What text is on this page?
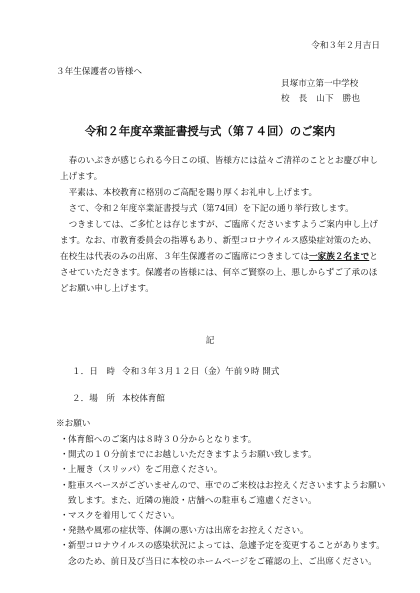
令和３年２月吉日
３年生保護者の皆様へ
貝塚市立第一中学校
校　長　山下　勝也
令和２年度卒業証書授与式（第７４回）のご案内

　春のいぶきが感じられる今日この頃、皆様方には益々ご清祥のこととお慶び申し上げます。

　平素は、本校教育に格別のご高配を賜り厚くお礼申し上げます。

　さて、令和２年度卒業証書授与式（第74回）を下記の通り挙行致します。

　つきましては、ご多忙とは存じますが、ご臨席くださいますようご案内申し上げます。なお、市教育委員会の指導もあり、新型コロナウイルス感染症対策のため、在校生は代表のみの出席、３年生保護者のご臨席につきましては一家族２名までとさせていただきます。保護者の皆様には、何卒ご賢察の上、悪しからずご了承のほどお願い申し上げます。

記
１．日　時 令和３年３月１２日（金）午前９時 開式
２．場　所 本校体育館
※お願い
・ 体育館へのご案内は８時３０分からとなります。
・ 開式の１０分前までにお越しいただきますようお願い致します。
・ 上履き（スリッパ）をご用意ください。
・ 駐車スペースがございませんので、車でのご来校はお控えくださいますようお願い致します。また、近隣の施設・店舗への駐車もご遠慮ください。
・ マスクを着用してください。
・ 発熱や風邪の症状等、体調の悪い方は出席をお控えください。
・ 新型コロナウイルスの感染状況によっては、急遽予定を変更することがあります。念のため、前日及び当日に本校のホームページをご確認の上、ご出席ください。
